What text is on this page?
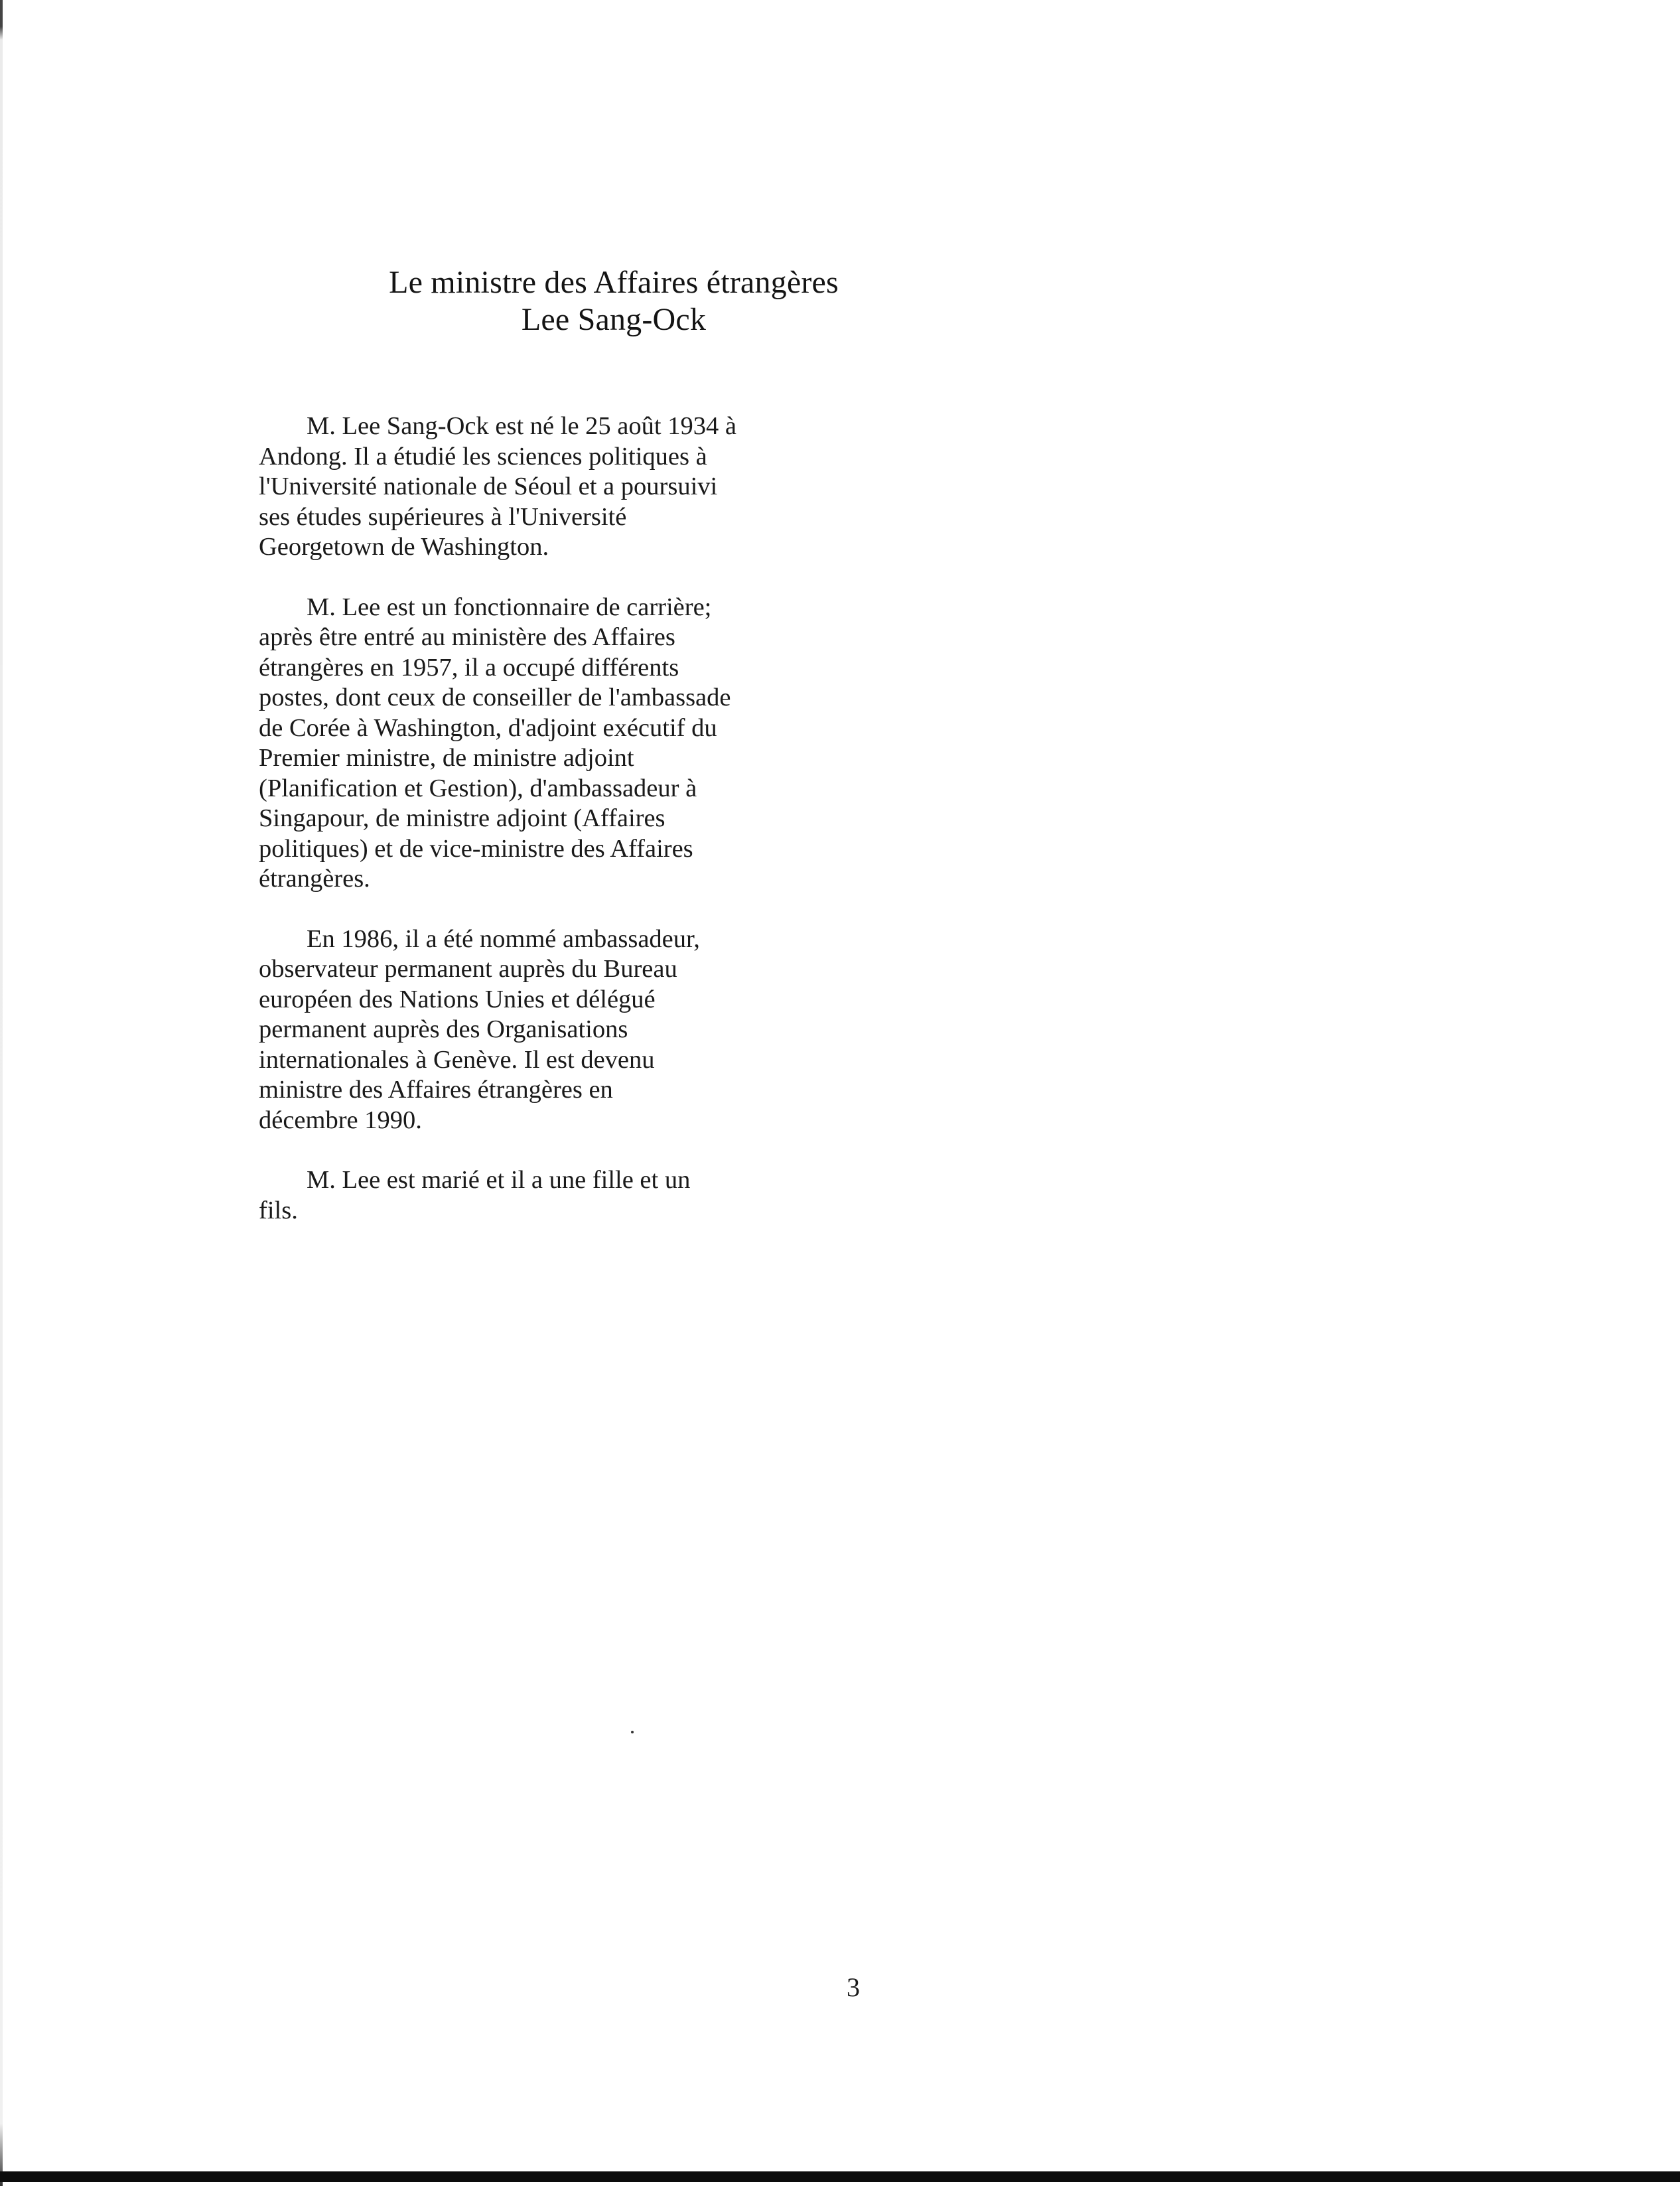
Le ministre des Affaires étrangères
Lee Sang-Ock

M. Lee Sang-Ock est né le 25 août 1934 à
Andong. Il a étudié les sciences politiques à
l'Université nationale de Séoul et a poursuivi
ses études supérieures à l'Université
Georgetown de Washington.

M. Lee est un fonctionnaire de carrière;
après être entré au ministère des Affaires
étrangères en 1957, il a occupé différents
postes, dont ceux de conseiller de l'ambassade
de Corée à Washington, d'adjoint exécutif du
Premier ministre, de ministre adjoint
(Planification et Gestion), d'ambassadeur à
Singapour, de ministre adjoint (Affaires
politiques) et de vice-ministre des Affaires
étrangères.

En 1986, il a été nommé ambassadeur,
observateur permanent auprès du Bureau
européen des Nations Unies et délégué
permanent auprès des Organisations
internationales à Genève. Il est devenu
ministre des Affaires étrangères en
décembre 1990.

M. Lee est marié et il a une fille et un
fils.

3
